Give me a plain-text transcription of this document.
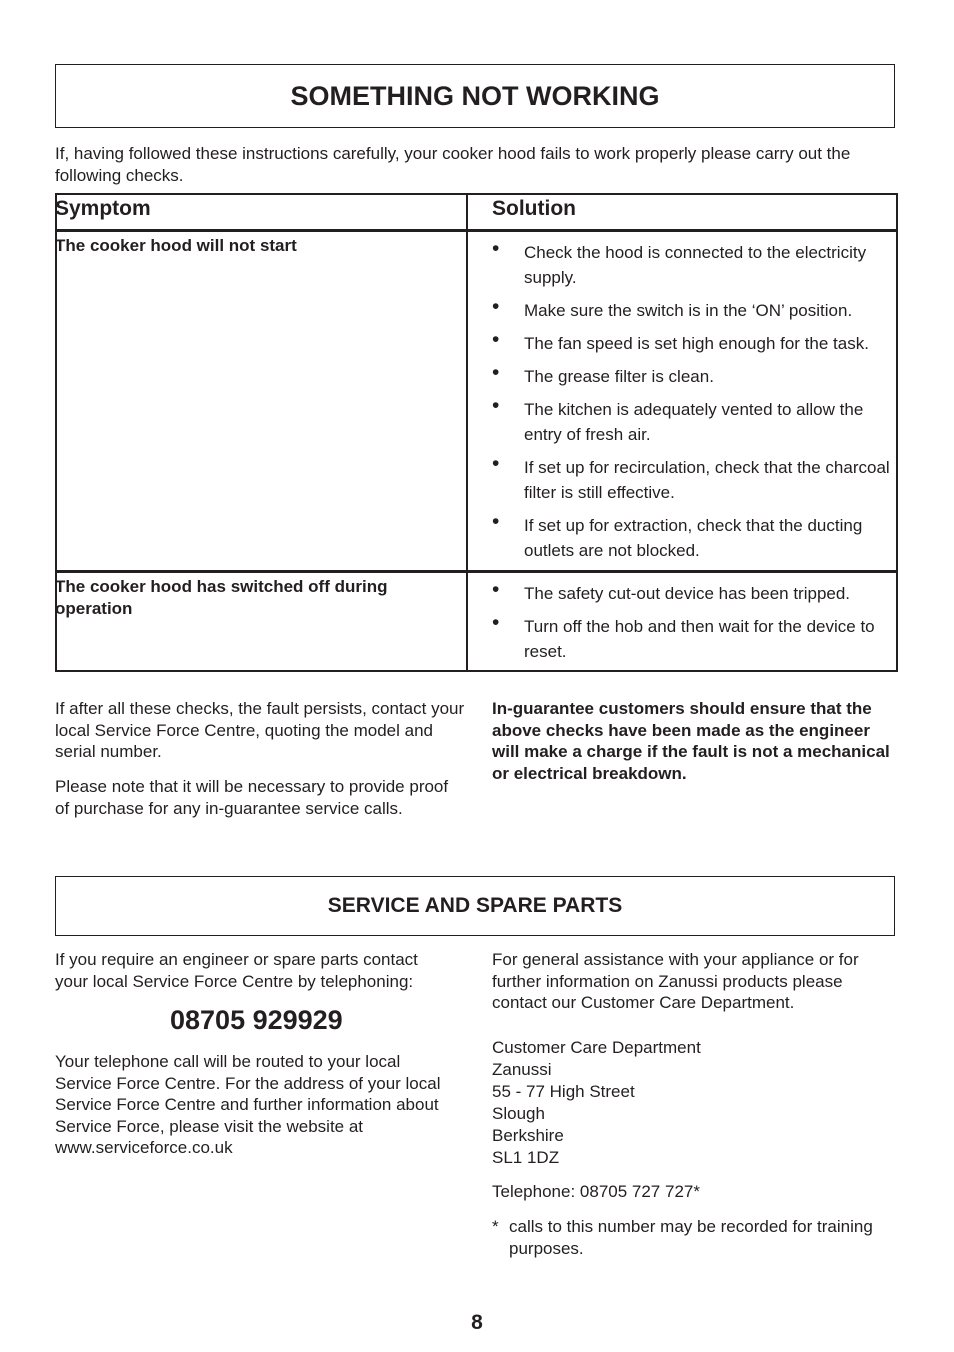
SOMETHING NOT WORKING

If, having followed these instructions carefully, your cooker hood fails to work properly please carry out the following checks.

Symptom	Solution
The cooker hood will not start	• Check the hood is connected to the electricity supply.
• Make sure the switch is in the ‘ON’ position.
• The fan speed is set high enough for the task.
• The grease filter is clean.
• The kitchen is adequately vented to allow the entry of fresh air.
• If set up for recirculation, check that the charcoal filter is still effective.
• If set up for extraction, check that the ducting outlets are not blocked.
The cooker hood has switched off during operation
• The safety cut-out device has been tripped.
• Turn off the hob and then wait for the device to reset.

If after all these checks, the fault persists, contact your local Service Force Centre, quoting the model and serial number.

Please note that it will be necessary to provide proof of purchase for any in-guarantee service calls.

In-guarantee customers should ensure that the above checks have been made as the engineer will make a charge if the fault is not a mechanical or electrical breakdown.

SERVICE AND SPARE PARTS

If you require an engineer or spare parts contact your local Service Force Centre by telephoning:

08705 929929

Your telephone call will be routed to your local Service Force Centre. For the address of your local Service Force Centre and further information about Service Force, please visit the website at www.serviceforce.co.uk

For general assistance with your appliance or for further information on Zanussi products please contact our Customer Care Department.

Customer Care Department
Zanussi
55 - 77 High Street
Slough
Berkshire
SL1 1DZ

Telephone: 08705 727 727*

* calls to this number may be recorded for training purposes.
8
